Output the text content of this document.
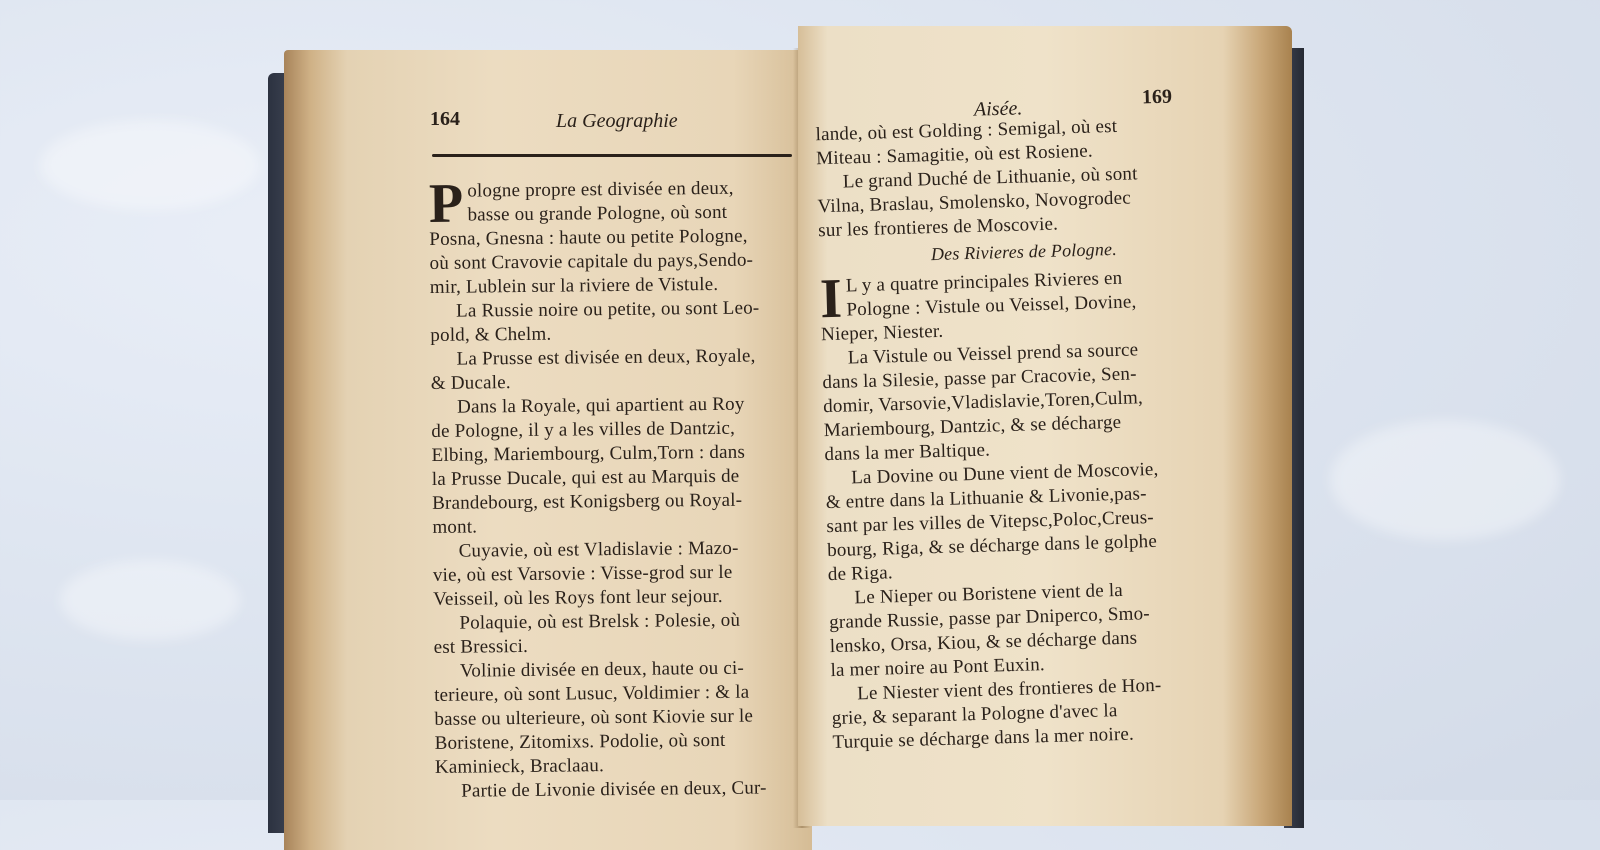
164	La Geographie
P ologne propre est divisée en deux,
basse ou grande Pologne, où sont
Posna, Gnesna : haute ou petite Pologne,
où sont Cravovie capitale du pays,Sendo-
mir, Lublein sur la riviere de Vistule.
La Russie noire ou petite, ou sont Leo-
pold, & Chelm.
La Prusse est divisée en deux, Royale,
& Ducale.
Dans la Royale, qui apartient au Roy
de Pologne, il y a les villes de Dantzic,
Elbing, Mariembourg, Culm,Torn : dans
la Prusse Ducale, qui est au Marquis de
Brandebourg, est Konigsberg ou Royal-
mont.
Cuyavie, où est Vladislavie : Mazo-
vie, où est Varsovie : Visse-grod sur le
Veisseil, où les Roys font leur sejour.
Polaquie, où est Brelsk : Polesie, où
est Bressici.
Volinie divisée en deux, haute ou ci-
terieure, où sont Lusuc, Voldimier : & la
basse ou ulterieure, où sont Kiovie sur le
Boristene, Zitomixs. Podolie, où sont
Kaminieck, Braclaau.
Partie de Livonie divisée en deux, Cur-
Aisée.
169
lande, où est Golding : Semigal, où est
Miteau : Samagitie, où est Rosiene.
Le grand Duché de Lithuanie, où sont
Vilna, Braslau, Smolensko, Novogrodec
sur les frontieres de Moscovie.
Des Rivieres de Pologne.
I L y a quatre principales Rivieres en
Pologne : Vistule ou Veissel, Dovine,
Nieper, Niester.
La Vistule ou Veissel prend sa source
dans la Silesie, passe par Cracovie, Sen-
domir, Varsovie,Vladislavie,Toren,Culm,
Mariembourg, Dantzic, & se décharge
dans la mer Baltique.
La Dovine ou Dune vient de Moscovie,
& entre dans la Lithuanie & Livonie,pas-
sant par les villes de Vitepsc,Poloc,Creus-
bourg, Riga, & se décharge dans le golphe
de Riga.
Le Nieper ou Boristene vient de la
grande Russie, passe par Dniperco, Smo-
lensko, Orsa, Kiou, & se décharge dans
la mer noire au Pont Euxin.
Le Niester vient des frontieres de Hon-
grie, & separant la Pologne d'avec la
Turquie se décharge dans la mer noire.
